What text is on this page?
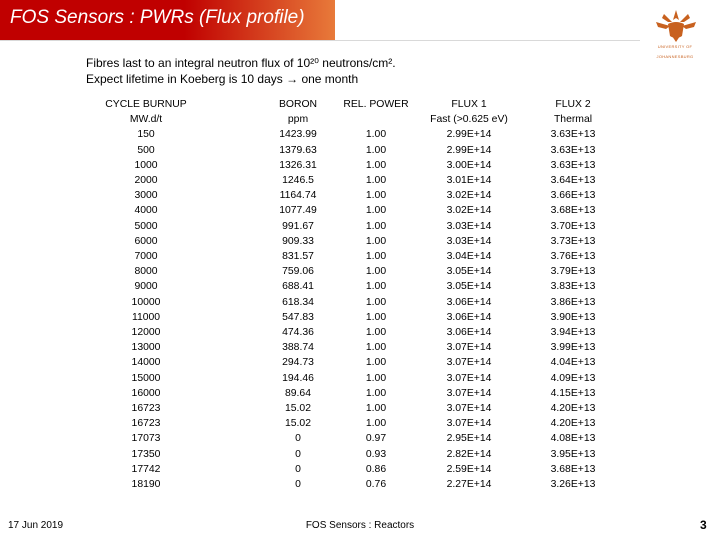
FOS Sensors : PWRs (Flux profile)
UNIVERSITY OF
JOHANNESBURG
Fibres last to an integral neutron flux of 10²⁰ neutrons/cm².
Expect lifetime in Koeberg is 10 days → one month
CYCLE BURNUP
MW.d/t
150
500
1000
2000
3000
4000
5000
6000
7000
8000
9000
10000
11000
12000
13000
14000
15000
16000
16723
16723
17073
17350
17742
18190
BORON
ppm
1423.99
1379.63
1326.31
1246.5
1164.74
1077.49
991.67
909.33
831.57
759.06
688.41
618.34
547.83
474.36
388.74
294.73
194.46
89.64
15.02
15.02
0
0
0
0
REL. POWER
1.00
1.00
1.00
1.00
1.00
1.00
1.00
1.00
1.00
1.00
1.00
1.00
1.00
1.00
1.00
1.00
1.00
1.00
1.00
1.00
0.97
0.93
0.86
0.76
FLUX 1
Fast (>0.625 eV)
2.99E+14
2.99E+14
3.00E+14
3.01E+14
3.02E+14
3.02E+14
3.03E+14
3.03E+14
3.04E+14
3.05E+14
3.05E+14
3.06E+14
3.06E+14
3.06E+14
3.07E+14
3.07E+14
3.07E+14
3.07E+14
3.07E+14
3.07E+14
2.95E+14
2.82E+14
2.59E+14
2.27E+14
FLUX 2
Thermal
3.63E+13
3.63E+13
3.63E+13
3.64E+13
3.66E+13
3.68E+13
3.70E+13
3.73E+13
3.76E+13
3.79E+13
3.83E+13
3.86E+13
3.90E+13
3.94E+13
3.99E+13
4.04E+13
4.09E+13
4.15E+13
4.20E+13
4.20E+13
4.08E+13
3.95E+13
3.68E+13
3.26E+13
17 Jun 2019	FOS Sensors : Reactors	3
